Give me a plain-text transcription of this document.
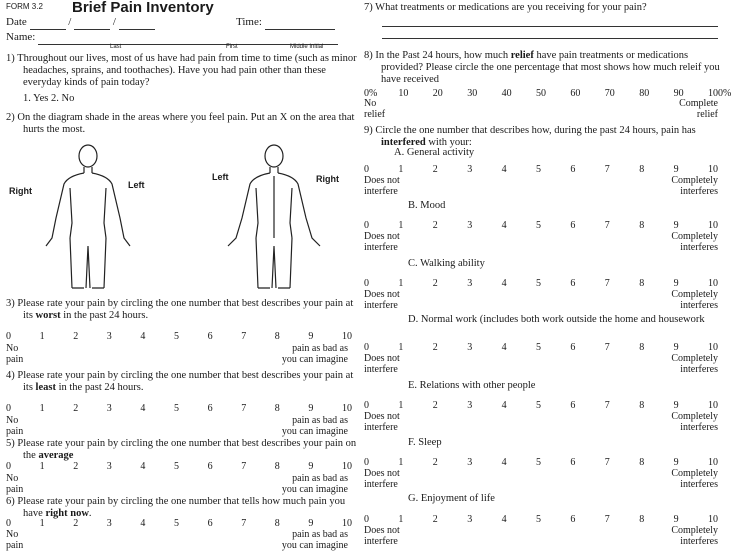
FORM 3.2 Brief Pain Inventory
Date	/	/	Time:
Name:
Last	First	Middle Initial
1) Throughout our lives, most of us have had pain from time to time (such as minor headaches, sprains, and toothaches). Have you had pain other than these everyday kinds of pain today?
1. Yes 2. No
2) On the diagram shade in the areas where you feel pain. Put an X on the area that hurts the most.
Right
Left
Left	Right
3) Please rate your pain by circling the one number that best describes your pain at its worst in the past 24 hours.
0	1	2	3	4	5	6	7	8	9	10
No
pain
pain as bad as
you can imagine
4) Please rate your pain by circling the one number that best describes your pain at its least in the past 24 hours.
0	1	2	3	4	5	6	7	8	9	10
No
pain
pain as bad as
you can imagine
5) Please rate your pain by circling the one number that best describes your pain on the average
0	1	2	3	4	5	6	7	8	9	10
No
pain
pain as bad as
you can imagine
6) Please rate your pain by circling the one number that tells how much pain you have right now.
0	1	2	3	4	5	6	7	8	9	10
No
pain
pain as bad as
you can imagine
7) What treatments or medications are you receiving for your pain?
8) In the Past 24 hours, how much relief have pain treatments or medications provided? Please circle the one percentage that most shows how much releif you have received
0% 10 20 30 40 50 60 70 80 90 100%
No
relief
Complete
relief
9) Circle the one number that describes how, during the past 24 hours, pain has interfered with your:
A. General activity
0	1	2	3	4	5	6	7	8	9	10
Does not
interfere
Completely
interferes
B. Mood
0	1	2	3	4	5	6	7	8	9	10
Does not
interfere
Completely
interferes
C. Walking ability
0	1	2	3	4	5	6	7	8	9	10
Does not
interfere
Completely
interferes
D. Normal work (includes both work outside the home and housework
0	1	2	3	4	5	6	7	8	9	10
Does not
interfere
Completely
interferes
E. Relations with other people
0	1	2	3	4	5	6	7	8	9	10
Does not
interfere
Completely
interferes
F. Sleep
0	1	2	3	4	5	6	7	8	9	10
Does not
interfere
Completely
interferes
G. Enjoyment of life
0	1	2	3	4	5	6	7	8	9	10
Does not
interfere
Completely
interferes
